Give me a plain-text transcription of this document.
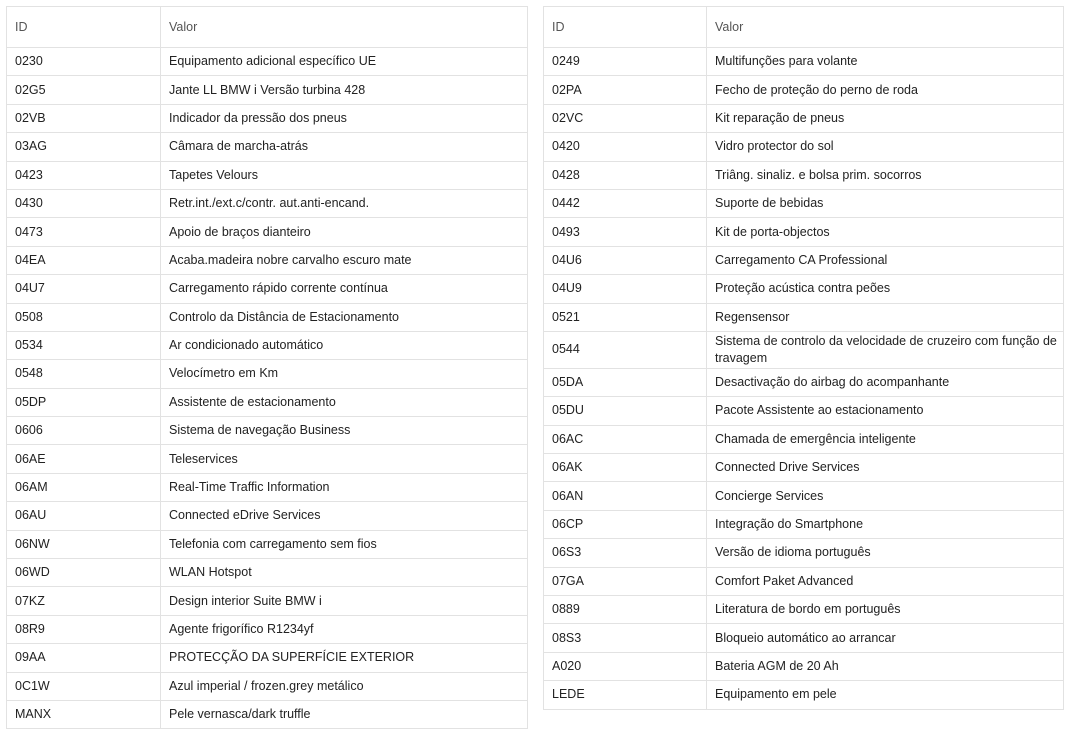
ID	Valor
0230	Equipamento adicional específico UE
02G5	Jante LL BMW i Versão turbina 428
02VB	Indicador da pressão dos pneus
03AG	Câmara de marcha-atrás
0423	Tapetes Velours
0430	Retr.int./ext.c/contr. aut.anti-encand.
0473	Apoio de braços dianteiro
04EA	Acaba.madeira nobre carvalho escuro mate
04U7	Carregamento rápido corrente contínua
0508	Controlo da Distância de Estacionamento
0534	Ar condicionado automático
0548	Velocímetro em Km
05DP	Assistente de estacionamento
0606	Sistema de navegação Business
06AE	Teleservices
06AM	Real-Time Traffic Information
06AU	Connected eDrive Services
06NW	Telefonia com carregamento sem fios
06WD	WLAN Hotspot
07KZ	Design interior Suite BMW i
08R9	Agente frigorífico R1234yf
09AA	PROTECÇÃO DA SUPERFÍCIE EXTERIOR
0C1W	Azul imperial / frozen.grey metálico
MANX	Pele vernasca/dark truffle
ID	Valor
0249	Multifunções para volante
02PA	Fecho de proteção do perno de roda
02VC	Kit reparação de pneus
0420	Vidro protector do sol
0428	Triâng. sinaliz. e bolsa prim. socorros
0442	Suporte de bebidas
0493	Kit de porta-objectos
04U6	Carregamento CA Professional
04U9	Proteção acústica contra peões
0521	Regensensor
0544	Sistema de controlo da velocidade de cruzeiro com função de travagem
05DA	Desactivação do airbag do acompanhante
05DU	Pacote Assistente ao estacionamento
06AC	Chamada de emergência inteligente
06AK	Connected Drive Services
06AN	Concierge Services
06CP	Integração do Smartphone
06S3	Versão de idioma português
07GA	Comfort Paket Advanced
0889	Literatura de bordo em português
08S3	Bloqueio automático ao arrancar
A020	Bateria AGM de 20 Ah
LEDE	Equipamento em pele
